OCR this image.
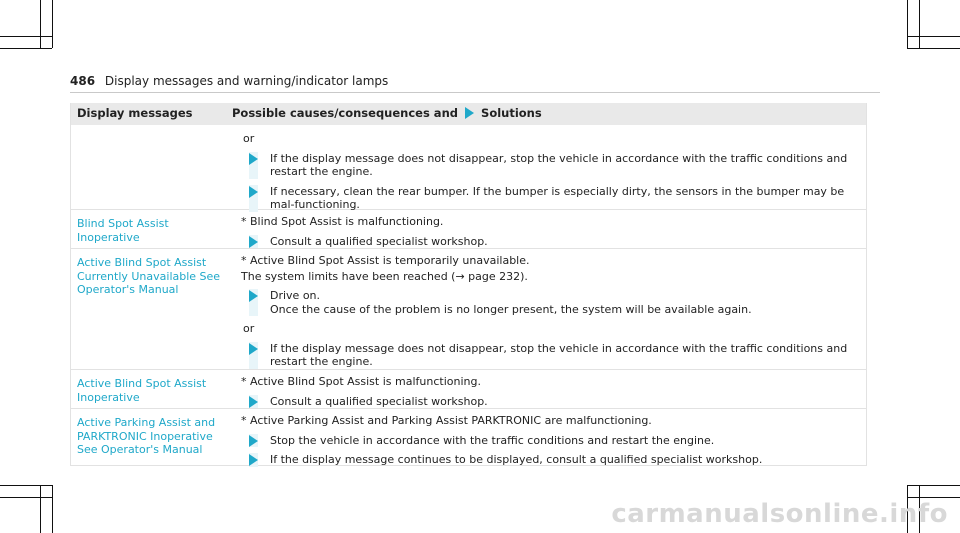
486 Display messages and warning/indicator lamps
Display messages	Possible causes/consequences and Solutions
or
If the display message does not disappear, stop the vehicle in accordance with the traffic conditions and restart the engine.
If necessary, clean the rear bumper. If the bumper is especially dirty, the sensors in the bumper may be mal-functioning.
Blind Spot Assist Inoperative
* Blind Spot Assist is malfunctioning.
Consult a qualified specialist workshop.
Active Blind Spot Assist Currently Unavailable See Operator's Manual
* Active Blind Spot Assist is temporarily unavailable.
The system limits have been reached (→ page 232).
Drive on.
Once the cause of the problem is no longer present, the system will be available again.
or
If the display message does not disappear, stop the vehicle in accordance with the traffic conditions and restart the engine.
Active Blind Spot Assist Inoperative
* Active Blind Spot Assist is malfunctioning.
Consult a qualified specialist workshop.
Active Parking Assist and PARKTRONIC Inoperative See Operator's Manual
* Active Parking Assist and Parking Assist PARKTRONIC are malfunctioning.
Stop the vehicle in accordance with the traffic conditions and restart the engine.
If the display message continues to be displayed, consult a qualified specialist workshop.
carmanualsonline.info
